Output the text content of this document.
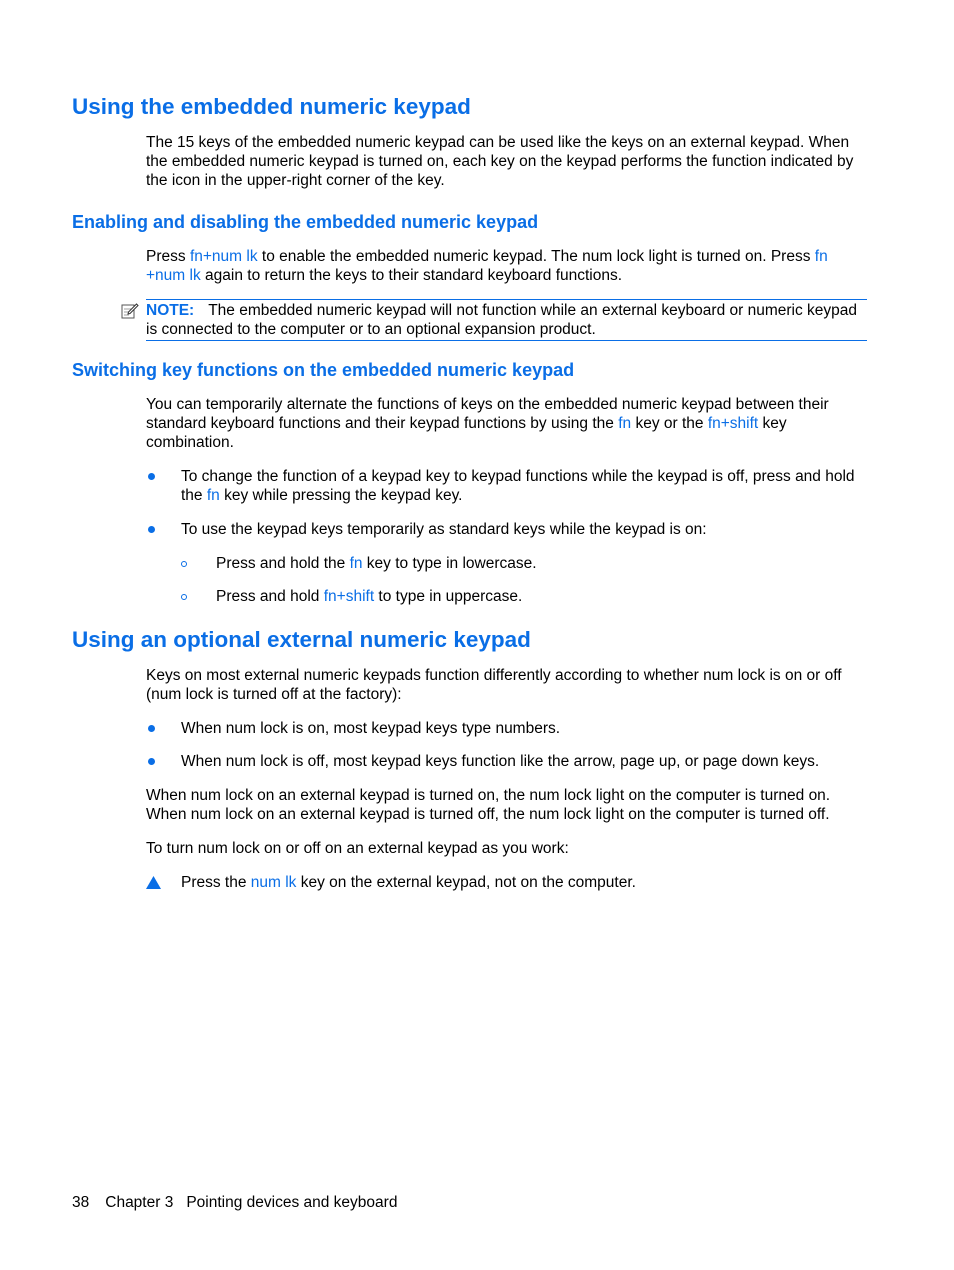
Using the embedded numeric keypad

The 15 keys of the embedded numeric keypad can be used like the keys on an external keypad. When the embedded numeric keypad is turned on, each key on the keypad performs the function indicated by the icon in the upper-right corner of the key.

Enabling and disabling the embedded numeric keypad

Press fn+num lk to enable the embedded numeric keypad. The num lock light is turned on. Press fn +num lk again to return the keys to their standard keyboard functions.

NOTE: The embedded numeric keypad will not function while an external keyboard or numeric keypad is connected to the computer or to an optional expansion product.

Switching key functions on the embedded numeric keypad

You can temporarily alternate the functions of keys on the embedded numeric keypad between their standard keyboard functions and their keypad functions by using the fn key or the fn+shift key combination.

To change the function of a keypad key to keypad functions while the keypad is off, press and hold the fn key while pressing the keypad key.

To use the keypad keys temporarily as standard keys while the keypad is on:

Press and hold the fn key to type in lowercase.

Press and hold fn+shift to type in uppercase.

Using an optional external numeric keypad

Keys on most external numeric keypads function differently according to whether num lock is on or off (num lock is turned off at the factory):

When num lock is on, most keypad keys type numbers.

When num lock is off, most keypad keys function like the arrow, page up, or page down keys.

When num lock on an external keypad is turned on, the num lock light on the computer is turned on. When num lock on an external keypad is turned off, the num lock light on the computer is turned off.

To turn num lock on or off on an external keypad as you work:

Press the num lk key on the external keypad, not on the computer.

38 Chapter 3 Pointing devices and keyboard
